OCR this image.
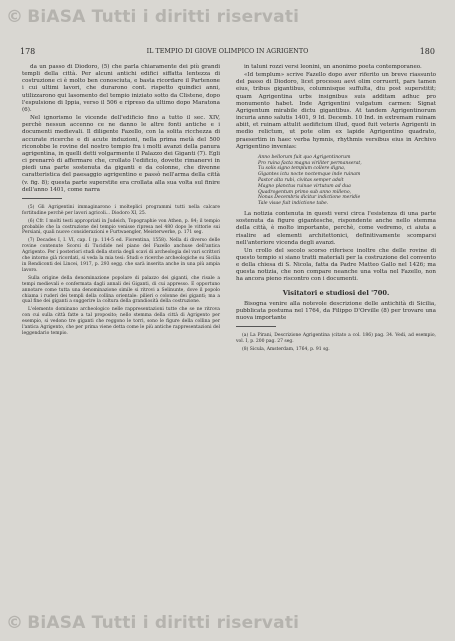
© BiASA Tutti i diritti riservati
178	IL TEMPIO DI GIOVE OLIMPICO IN AGRIGENTO	180

da un passo di Diodoro, (5) che parla chiaramente dei più grandi templi della città. Per alcuni antichi edifici siffatta lentezza di costruzione ci è molto ben conosciuta, e basta ricordare il Partenone i cui ultimi lavori, che durarono cont. rispetto quindici anni, utilizzarono qui lasomento del tempio iniziato sotto da Clistene, dopo l'espulsione di Ippia, verso il 506 e ripreso da ultimo dopo Maratona (6).

Nel ignorismo le vicende dell'edificio fino a tutto il sec. XIV, perchè nessun accenno ce ne danno le altre fonti antiche e i documenti medievali. Il diligente Fazello, con la solita ricchezza di accurate ricerche e di acute induzioni, nella prima metà del 500 riconobbe le rovine del nostro tempio fra i molti avanzi della panura agrigentina, in quelli detti volgarmente il Palazzo dei Giganti (7). Egli ci prenarrò di affermare che, crollato l'edificio, dovette rimanervi in piedi una parte sostenuta da giganti e da colonne, che divenne caratteristica del paesaggio agrigentino e passò nell'arma della città (v. fig. 8); questa parte superstite era crollata alla sua volta sul finire dell'anno 1401, come narra

(5) Gli Agrigentini immaginarono i molteplici programmi tutti nella calcare fortitudine perchè per lavori agricoli... Diodoro XI, 25.

(6) Cfr. I molti testi appropriati in Judeich, Topographie von Athen, p. 84; il tempio probabile che la costruzione del tempio venisse ripresa nel 480 dopo le vittorie sui Persiani, quali nuove considerazioni e Furtwaengler, Meisterwerke, p. 171 seg.

(7) Decades I, I. VI, cap. I (p. 114-5 ed. Fiorentina, 1558). Nella di diverso delle rovine contenute Scorsi di Tucidide nel piano del Fazello anchuse dell'antica Agrigento. Per i posteriori studi della storia degli scavi di archeologia del vari scrittori che intorno già ricordati, si veda la mia tesi: Studi e ricerche archeologiche su Sicilia in Rendiconti dei Lincei, 1917, p. 293 segg. che sarà inserita anche in una più ampia lavoro.

Sulla origine della denominazione popolare di palazzo dei giganti, che risale a tempi medievali e confermata dagli annali dei Giganti, di cui appresso. E opportuno annotare come tutta una denominazione simile si ritrovi a Selinunte, dove il popolo chiama i ruderi dei templi della collina orientale: pilieri o colonne dei giganti; ma a qual fine dei giganti a suggerire la coltura della grandiosità della costruzione.

L'elemento dominano archeologico nelle rappresentazioni tutte che se ne ritrova con cui sulla città fatte a tal proposito; nello stemma della città di Agrigento per esempio, si vedono tre giganti che reggono le torri, sono le figure della collina per l'antica Agrigento, che per prima viene detta come le più antiche rappresentazioni del leggendario tempio.

in taluni rozzi versi leonini, un anonimo poeta contemporaneo.

«Id templum» scrive Fazello dopo aver riferito un breve riassunto del passo di Diodoro, licet processu aevi olim corruerit, pars tamen eius, tribus gigantibus, columnisque suffulta, diu post superstitit; quam Agrigentina urbs insignibus suis additam adhuc pro monumento habet. Inde Agrigentini vulgatum carmen: Signat Agrigentum mirabile dictu gigantibus. At tandem Agrigentinorum incuria anno salutis 1401, 9 Id. Decemb. 10 Ind. in extremam ruinam abiit, et ruinam attulit aedificium illud, quod fuit veteris Agrigenti in medio relictum, ut pote olim ex lapide Agrigentino quadrato, praesertim in haec verba hymnis, rhythmis versibus eius in Archivo Agrigentino invenias:

Anno bellorum fuit quo Agrigentinorum
Pro ruina facta magna viriliter permanserat,
Tu solis signo templum collere digna,
Gigantes ictu nocte noctemque inde ruinam
Pastor alta rubi, civitas semper adsit
Magno planctus ruinae virtutum ad dua
Quadrogentum primo sub anno milleno,
Nonas Decembris dicitur indictione meridie
Tale visae fuit indictione tabe.

La notizia contenuta in questi versi circa l'esistenza di una parte sostenuta da figure gigantesche, rispondente anche nello stemma della città, è molto importante, perchè, come vedremo, ci aiuta a risalire ad elementi architettonici, definitivamente scomparsi nell'anteriore vicenda degli avanzi.

Un crollo del secolo scorso riferisce inoltre che delle rovine di questo tempio si siano tratti materiali per la costruzione del convento e della chiesa di S. Nicola, fatta da Padre Matteo Gallo nel 1426; ma questa notizia, che non compare neanche una volta nel Fazello, non ha ancora pieno riscontro con i documenti.

Visitatori e studiosi del '700.

Bisogna venire alla notevole descrizione delle antichità di Sicilia, pubblicata postuma nel 1764, da Filippo D'Orville (8) per trovare una nuova importante

(a) La Pirani, Descrizione Agrigentina (citato a col. 186) pag. 34. Vedi, ad esempio, vol. I, p. 200 pag. 27 seg.

(8) Sicula, Amsterdam, 1764, p. 91 sg.

© BiASA Tutti i diritti riservati
